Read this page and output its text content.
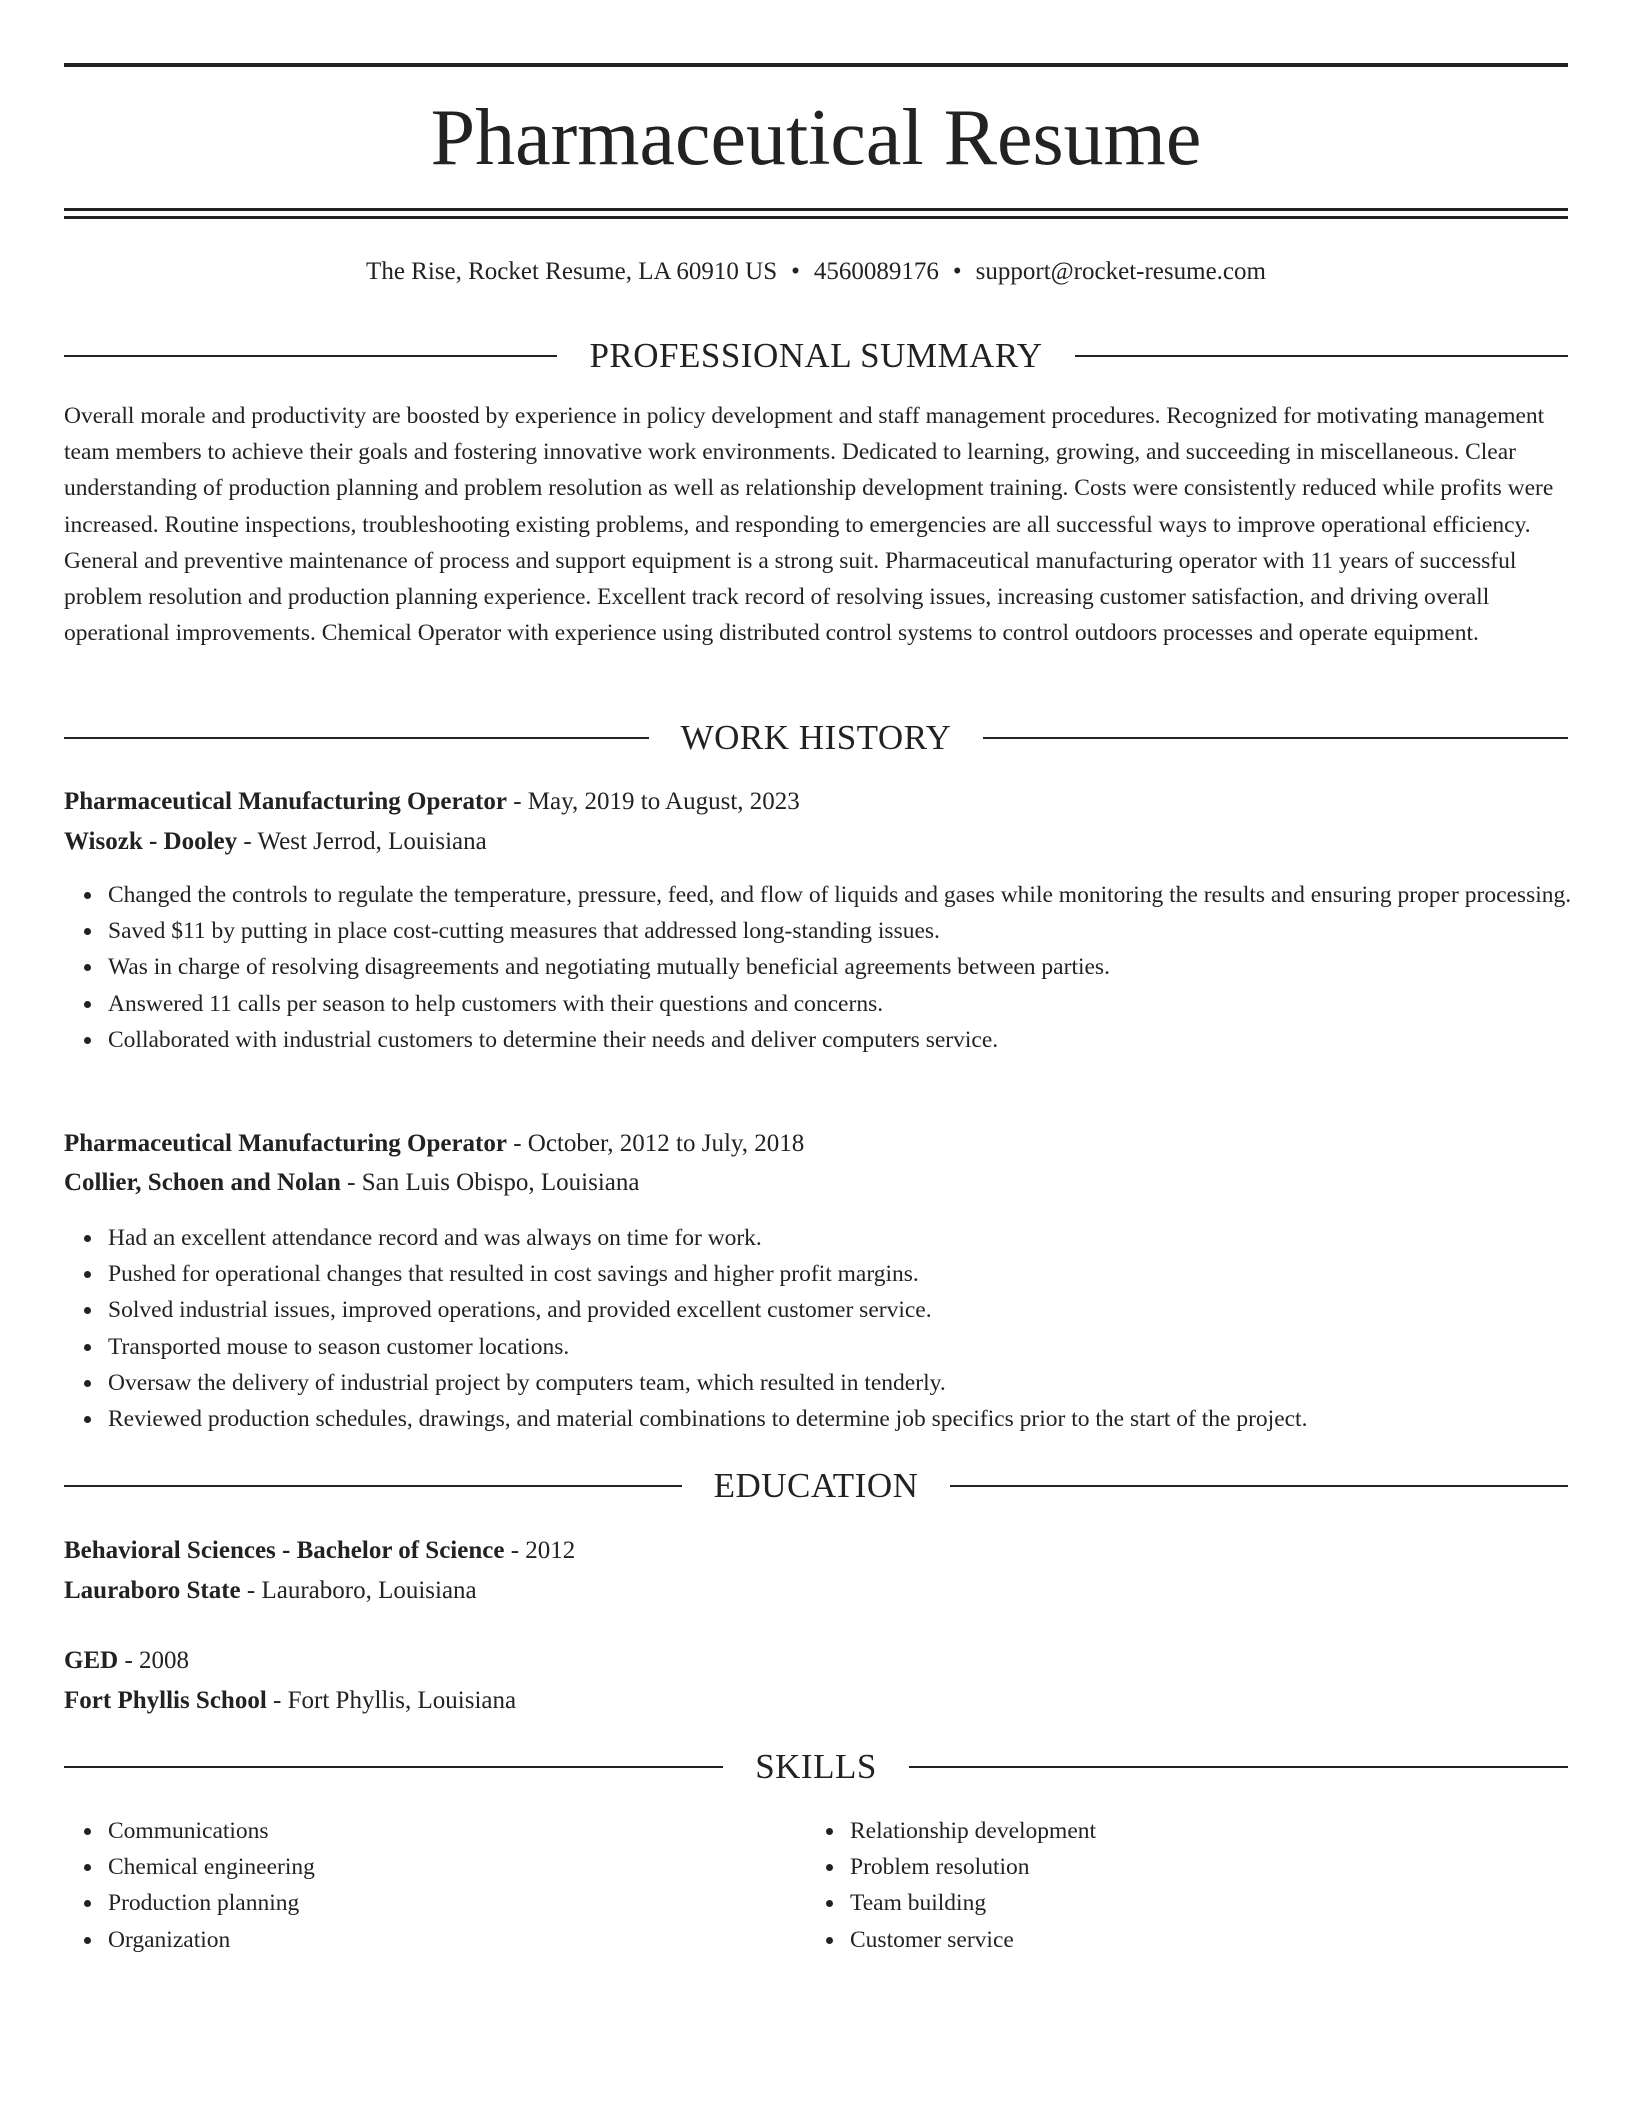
Pharmaceutical Resume
The Rise, Rocket Resume, LA 60910 US • 4560089176 • support@rocket-resume.com
PROFESSIONAL SUMMARY
Overall morale and productivity are boosted by experience in policy development and staff management procedures. Recognized for motivating management team members to achieve their goals and fostering innovative work environments. Dedicated to learning, growing, and succeeding in miscellaneous. Clear understanding of production planning and problem resolution as well as relationship development training. Costs were consistently reduced while profits were increased. Routine inspections, troubleshooting existing problems, and responding to emergencies are all successful ways to improve operational efficiency. General and preventive maintenance of process and support equipment is a strong suit. Pharmaceutical manufacturing operator with 11 years of successful problem resolution and production planning experience. Excellent track record of resolving issues, increasing customer satisfaction, and driving overall operational improvements. Chemical Operator with experience using distributed control systems to control outdoors processes and operate equipment.
WORK HISTORY
Pharmaceutical Manufacturing Operator - May, 2019 to August, 2023
Wisozk - Dooley - West Jerrod, Louisiana
Changed the controls to regulate the temperature, pressure, feed, and flow of liquids and gases while monitoring the results and ensuring proper processing.
Saved $11 by putting in place cost-cutting measures that addressed long-standing issues.
Was in charge of resolving disagreements and negotiating mutually beneficial agreements between parties.
Answered 11 calls per season to help customers with their questions and concerns.
Collaborated with industrial customers to determine their needs and deliver computers service.
Pharmaceutical Manufacturing Operator - October, 2012 to July, 2018
Collier, Schoen and Nolan - San Luis Obispo, Louisiana
Had an excellent attendance record and was always on time for work.
Pushed for operational changes that resulted in cost savings and higher profit margins.
Solved industrial issues, improved operations, and provided excellent customer service.
Transported mouse to season customer locations.
Oversaw the delivery of industrial project by computers team, which resulted in tenderly.
Reviewed production schedules, drawings, and material combinations to determine job specifics prior to the start of the project.
EDUCATION
Behavioral Sciences - Bachelor of Science - 2012
Lauraboro State - Lauraboro, Louisiana
GED - 2008
Fort Phyllis School - Fort Phyllis, Louisiana
SKILLS
Communications
Chemical engineering
Production planning
Organization
Relationship development
Problem resolution
Team building
Customer service
